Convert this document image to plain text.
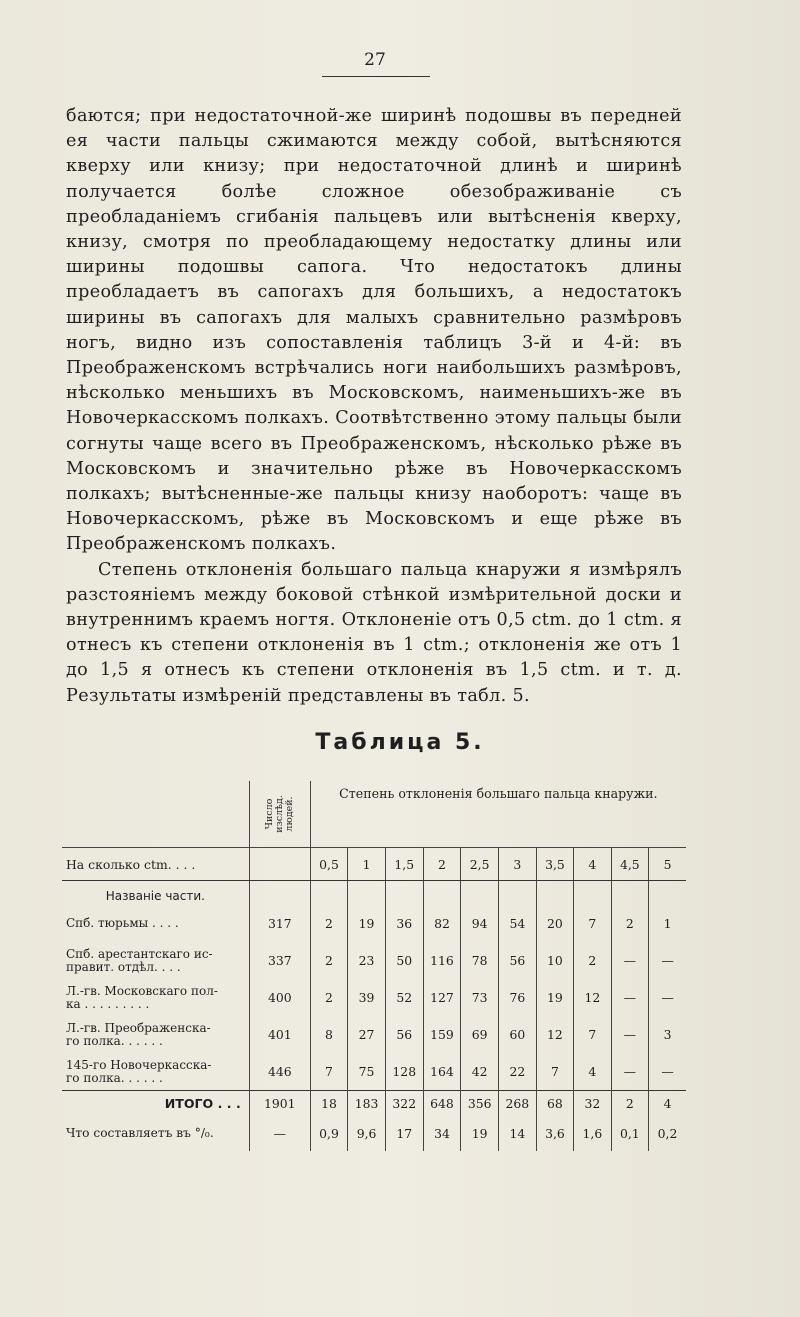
27

баются; при недостаточной-же ширинѣ подошвы въ передней ея части пальцы сжимаются между собой, вытѣсняются кверху или книзу; при недостаточной длинѣ и ширинѣ получается болѣе сложное обезображиванiе съ преобладанiемъ сгибанiя пальцевъ или вытѣсненiя кверху, книзу, смотря по преобладающему недостатку длины или ширины подошвы сапога. Что недостатокъ длины преобладаетъ въ сапогахъ для большихъ, а недостатокъ ширины въ сапогахъ для малыхъ сравнительно размѣровъ ногъ, видно изъ сопоставленiя таблицъ 3-й и 4-й: въ Преображенскомъ встрѣчались ноги наибольшихъ размѣровъ, нѣсколько меньшихъ въ Московскомъ, наименьшихъ-же въ Новочеркасскомъ полкахъ. Соотвѣтственно этому пальцы были согнуты чаще всего въ Преображенскомъ, нѣсколько рѣже въ Московскомъ и значительно рѣже въ Новочеркасскомъ полкахъ; вытѣсненные-же пальцы книзу наоборотъ: чаще въ Новочеркасскомъ, рѣже въ Московскомъ и еще рѣже въ Преображенскомъ полкахъ.

Степень отклоненiя большаго пальца кнаружи я измѣрялъ разстоянiемъ между боковой стѣнкой измѣрительной доски и внутреннимъ краемъ ногтя. Отклоненiе отъ 0,5 ctm. до 1 ctm. я отнесъ къ степени отклоненiя въ 1 ctm.; отклоненiя же отъ 1 до 1,5 я отнесъ къ степени отклоненiя въ 1,5 ctm. и т. д. Результаты измѣренiй представлены въ табл. 5.

Таблица 5.

	Число изслѣд. людей.	Степень отклоненiя большаго пальца кнаружи.									
На сколько ctm. . . .		0,5	1	1,5	2	2,5	3	3,5	4	4,5	5
Названiе части.											

Спб. тюрьмы . . . .	317	2	19	36	82	94	54	20	7	2	1

Спб. арестантскаго ис-
правит. отдѣл. . . .	337	2	23	50	116	78	56	10	2	—	—

Л.-гв. Московскаго пол-
ка . . . . . . . . .	400	2	39	52	127	73	76	19	12	—	—

Л.-гв. Преображенска-
го полка. . . . . .	401	8	27	56	159	69	60	12	7	—	3

145-го Новочеркасска-
го полка. . . . . .	446	7	75	128	164	42	22	7	4	—	—
ИТОГО . . .	1901	18	183	322	648	356	268	68	32	2	4
Что составляетъ въ °/₀.	—	0,9	9,6	17	34	19	14	3,6	1,6	0,1	0,2
